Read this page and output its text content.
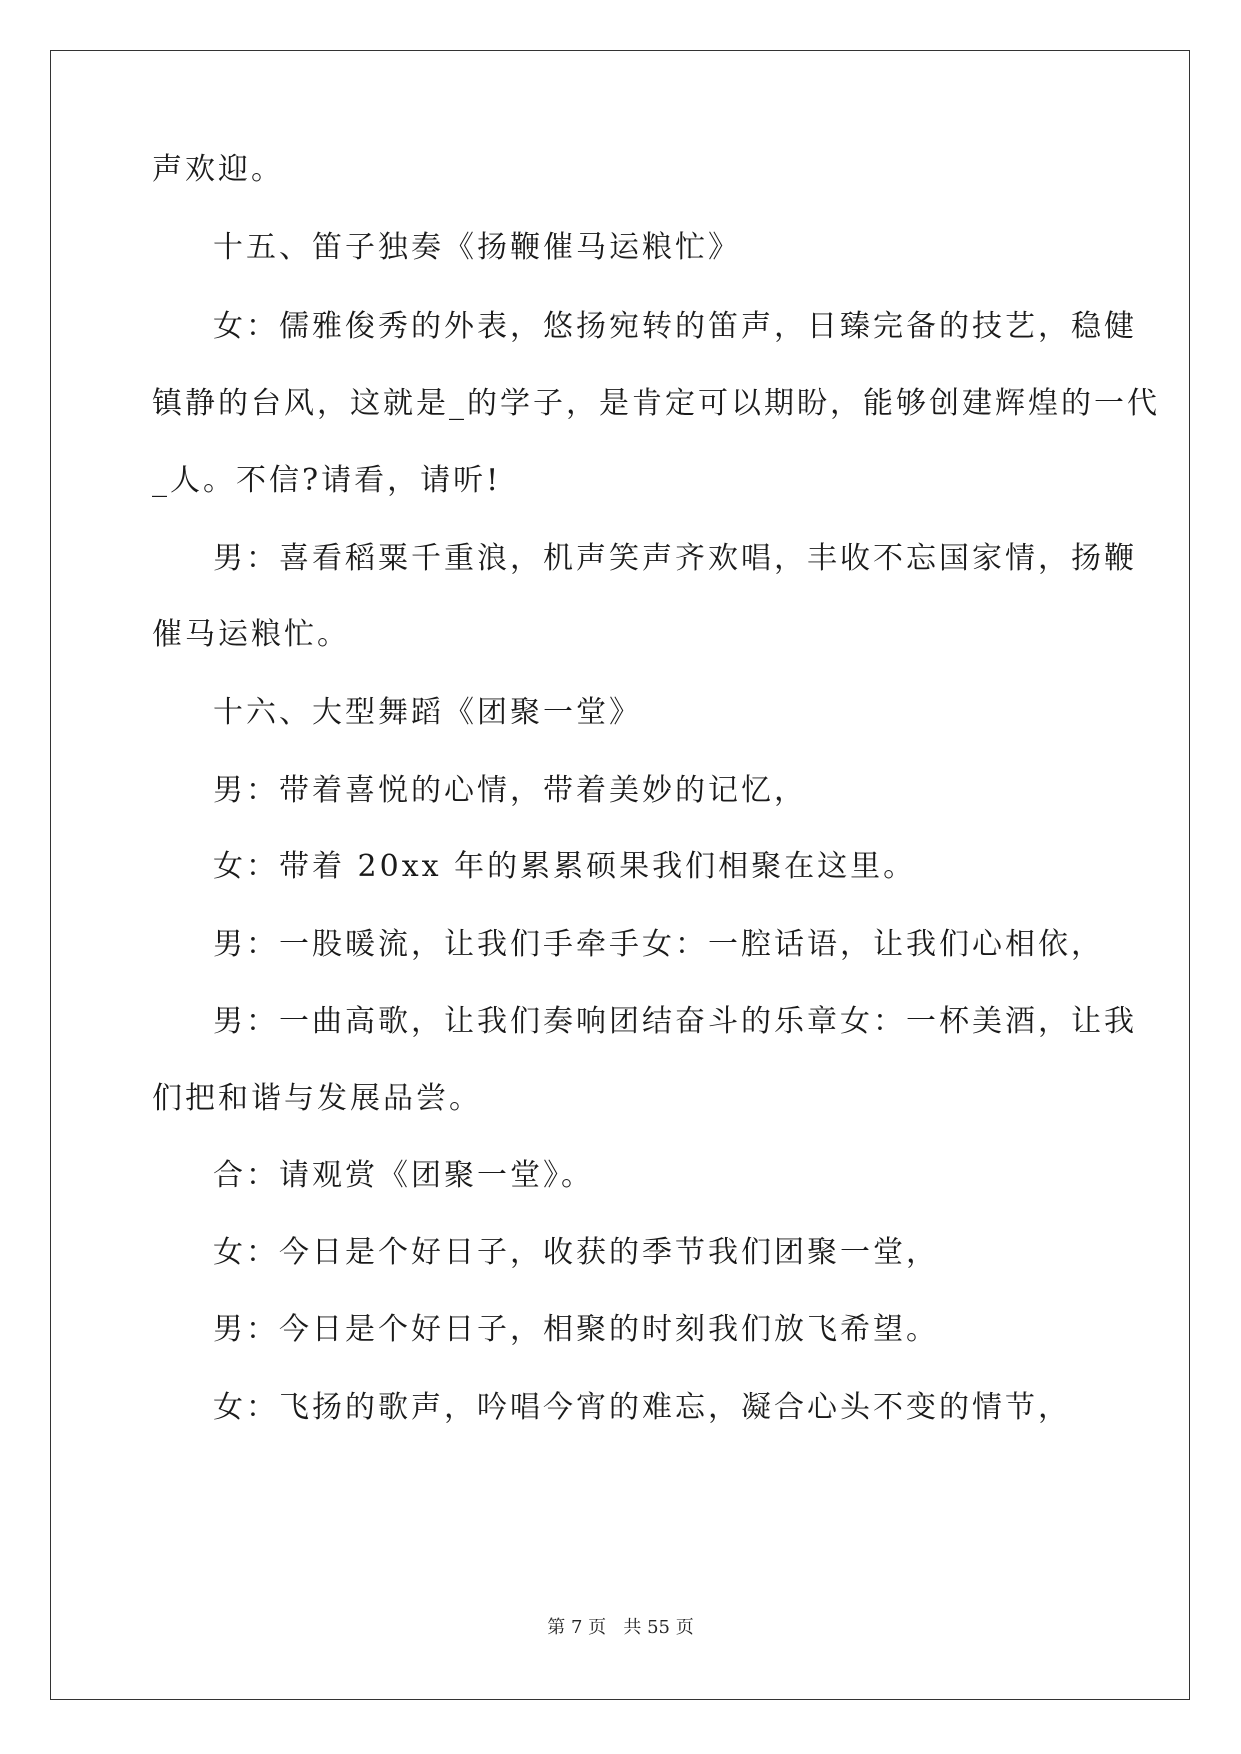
声欢迎。
十五、笛子独奏《扬鞭催马运粮忙》
女：儒雅俊秀的外表，悠扬宛转的笛声，日臻完备的技艺，稳健
镇静的台风，这就是_的学子，是肯定可以期盼，能够创建辉煌的一代
_人。不信?请看，请听!
男：喜看稻粟千重浪，机声笑声齐欢唱，丰收不忘国家情，扬鞭
催马运粮忙。
十六、大型舞蹈《团聚一堂》
男：带着喜悦的心情，带着美妙的记忆，
女：带着 20xx 年的累累硕果我们相聚在这里。
男：一股暖流，让我们手牵手女：一腔话语，让我们心相依，
男：一曲高歌，让我们奏响团结奋斗的乐章女：一杯美酒，让我
们把和谐与发展品尝。
合：请观赏《团聚一堂》。
女：今日是个好日子，收获的季节我们团聚一堂，
男：今日是个好日子，相聚的时刻我们放飞希望。
女：飞扬的歌声，吟唱今宵的难忘，凝合心头不变的情节，
第 7 页 共 55 页
